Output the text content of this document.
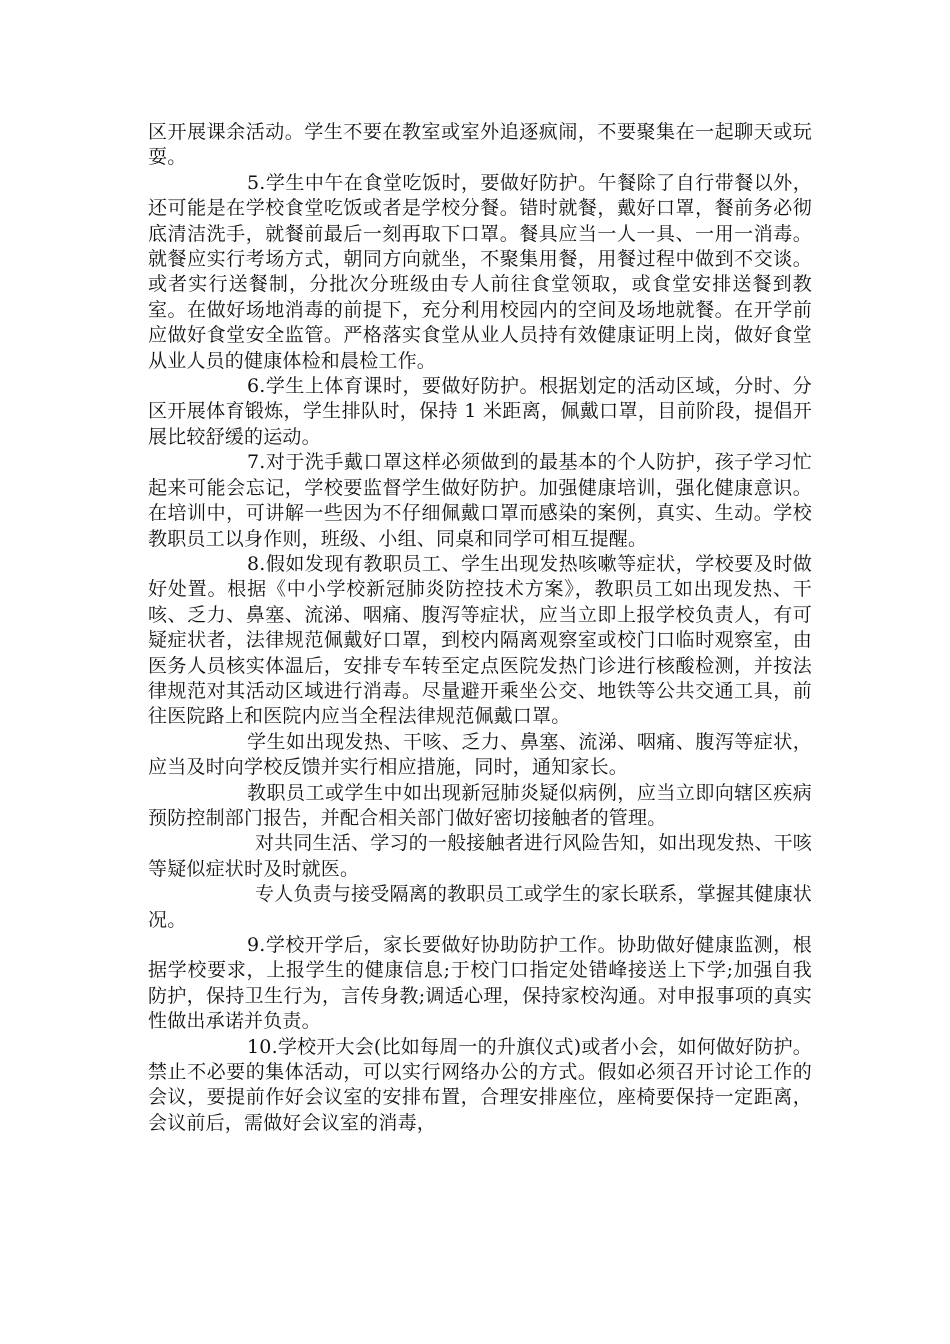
区开展课余活动。学生不要在教室或室外追逐疯闹，不要聚集在一起聊天或玩耍。

5.学生中午在食堂吃饭时，要做好防护。午餐除了自行带餐以外，还可能是在学校食堂吃饭或者是学校分餐。错时就餐，戴好口罩，餐前务必彻底清洁洗手，就餐前最后一刻再取下口罩。餐具应当一人一具、一用一消毒。就餐应实行考场方式，朝同方向就坐，不聚集用餐，用餐过程中做到不交谈。或者实行送餐制，分批次分班级由专人前往食堂领取，或食堂安排送餐到教室。在做好场地消毒的前提下，充分利用校园内的空间及场地就餐。在开学前应做好食堂安全监管。严格落实食堂从业人员持有效健康证明上岗，做好食堂从业人员的健康体检和晨检工作。

6.学生上体育课时，要做好防护。根据划定的活动区域，分时、分区开展体育锻炼，学生排队时，保持 1 米距离，佩戴口罩，目前阶段，提倡开展比较舒缓的运动。

7.对于洗手戴口罩这样必须做到的最基本的个人防护，孩子学习忙起来可能会忘记，学校要监督学生做好防护。加强健康培训，强化健康意识。在培训中，可讲解一些因为不仔细佩戴口罩而感染的案例，真实、生动。学校教职员工以身作则，班级、小组、同桌和同学可相互提醒。

8.假如发现有教职员工、学生出现发热咳嗽等症状，学校要及时做好处置。根据《中小学校新冠肺炎防控技术方案》，教职员工如出现发热、干咳、乏力、鼻塞、流涕、咽痛、腹泻等症状，应当立即上报学校负责人，有可疑症状者，法律规范佩戴好口罩，到校内隔离观察室或校门口临时观察室，由医务人员核实体温后，安排专车转至定点医院发热门诊进行核酸检测，并按法律规范对其活动区域进行消毒。尽量避开乘坐公交、地铁等公共交通工具，前往医院路上和医院内应当全程法律规范佩戴口罩。

学生如出现发热、干咳、乏力、鼻塞、流涕、咽痛、腹泻等症状，应当及时向学校反馈并实行相应措施，同时，通知家长。

教职员工或学生中如出现新冠肺炎疑似病例，应当立即向辖区疾病预防控制部门报告，并配合相关部门做好密切接触者的管理。

对共同生活、学习的一般接触者进行风险告知，如出现发热、干咳等疑似症状时及时就医。

专人负责与接受隔离的教职员工或学生的家长联系，掌握其健康状况。

9.学校开学后，家长要做好协助防护工作。协助做好健康监测，根据学校要求，上报学生的健康信息;于校门口指定处错峰接送上下学;加强自我防护，保持卫生行为，言传身教;调适心理，保持家校沟通。对申报事项的真实性做出承诺并负责。

10.学校开大会(比如每周一的升旗仪式)或者小会，如何做好防护。禁止不必要的集体活动，可以实行网络办公的方式。假如必须召开讨论工作的会议，要提前作好会议室的安排布置，合理安排座位，座椅要保持一定距离，会议前后，需做好会议室的消毒，
